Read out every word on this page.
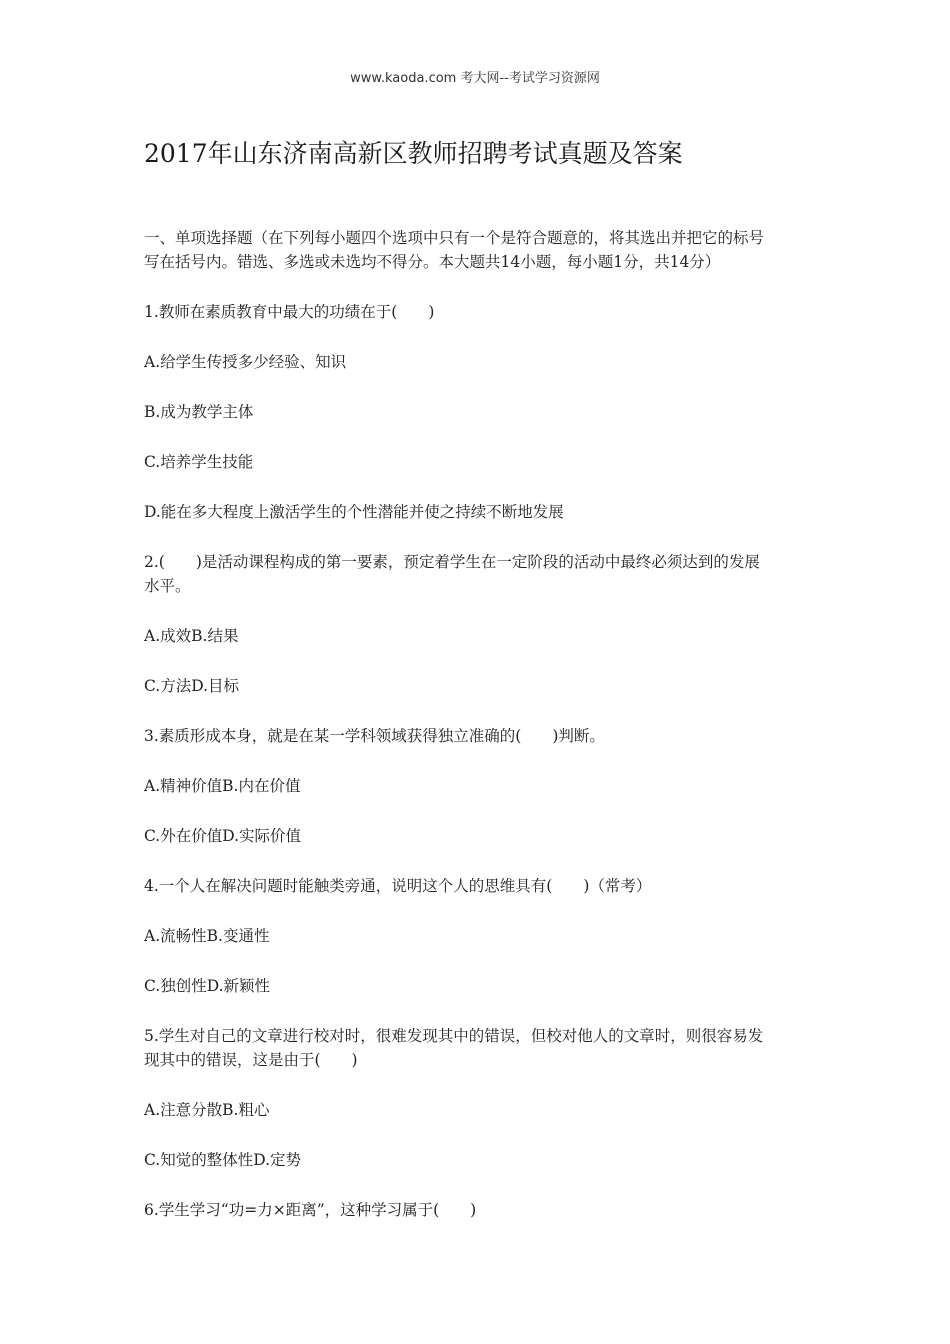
www.kaoda.com 考大网--考试学习资源网
2017年山东济南高新区教师招聘考试真题及答案

一、单项选择题（在下列每小题四个选项中只有一个是符合题意的，将其选出并把它的标号
写在括号内。错选、多选或未选均不得分。本大题共14小题，每小题1分，共14分）

1.教师在素质教育中最大的功绩在于(　　)

A.给学生传授多少经验、知识

B.成为教学主体

C.培养学生技能

D.能在多大程度上激活学生的个性潜能并使之持续不断地发展

2.(　　)是活动课程构成的第一要素，预定着学生在一定阶段的活动中最终必须达到的发展
水平。

A.成效B.结果

C.方法D.目标

3.素质形成本身，就是在某一学科领域获得独立准确的(　　)判断。

A.精神价值B.内在价值

C.外在价值D.实际价值

4.一个人在解决问题时能触类旁通，说明这个人的思维具有(　　)（常考）

A.流畅性B.变通性

C.独创性D.新颖性

5.学生对自己的文章进行校对时，很难发现其中的错误，但校对他人的文章时，则很容易发
现其中的错误，这是由于(　　)

A.注意分散B.粗心

C.知觉的整体性D.定势

6.学生学习“功=力×距离”，这种学习属于(　　)
